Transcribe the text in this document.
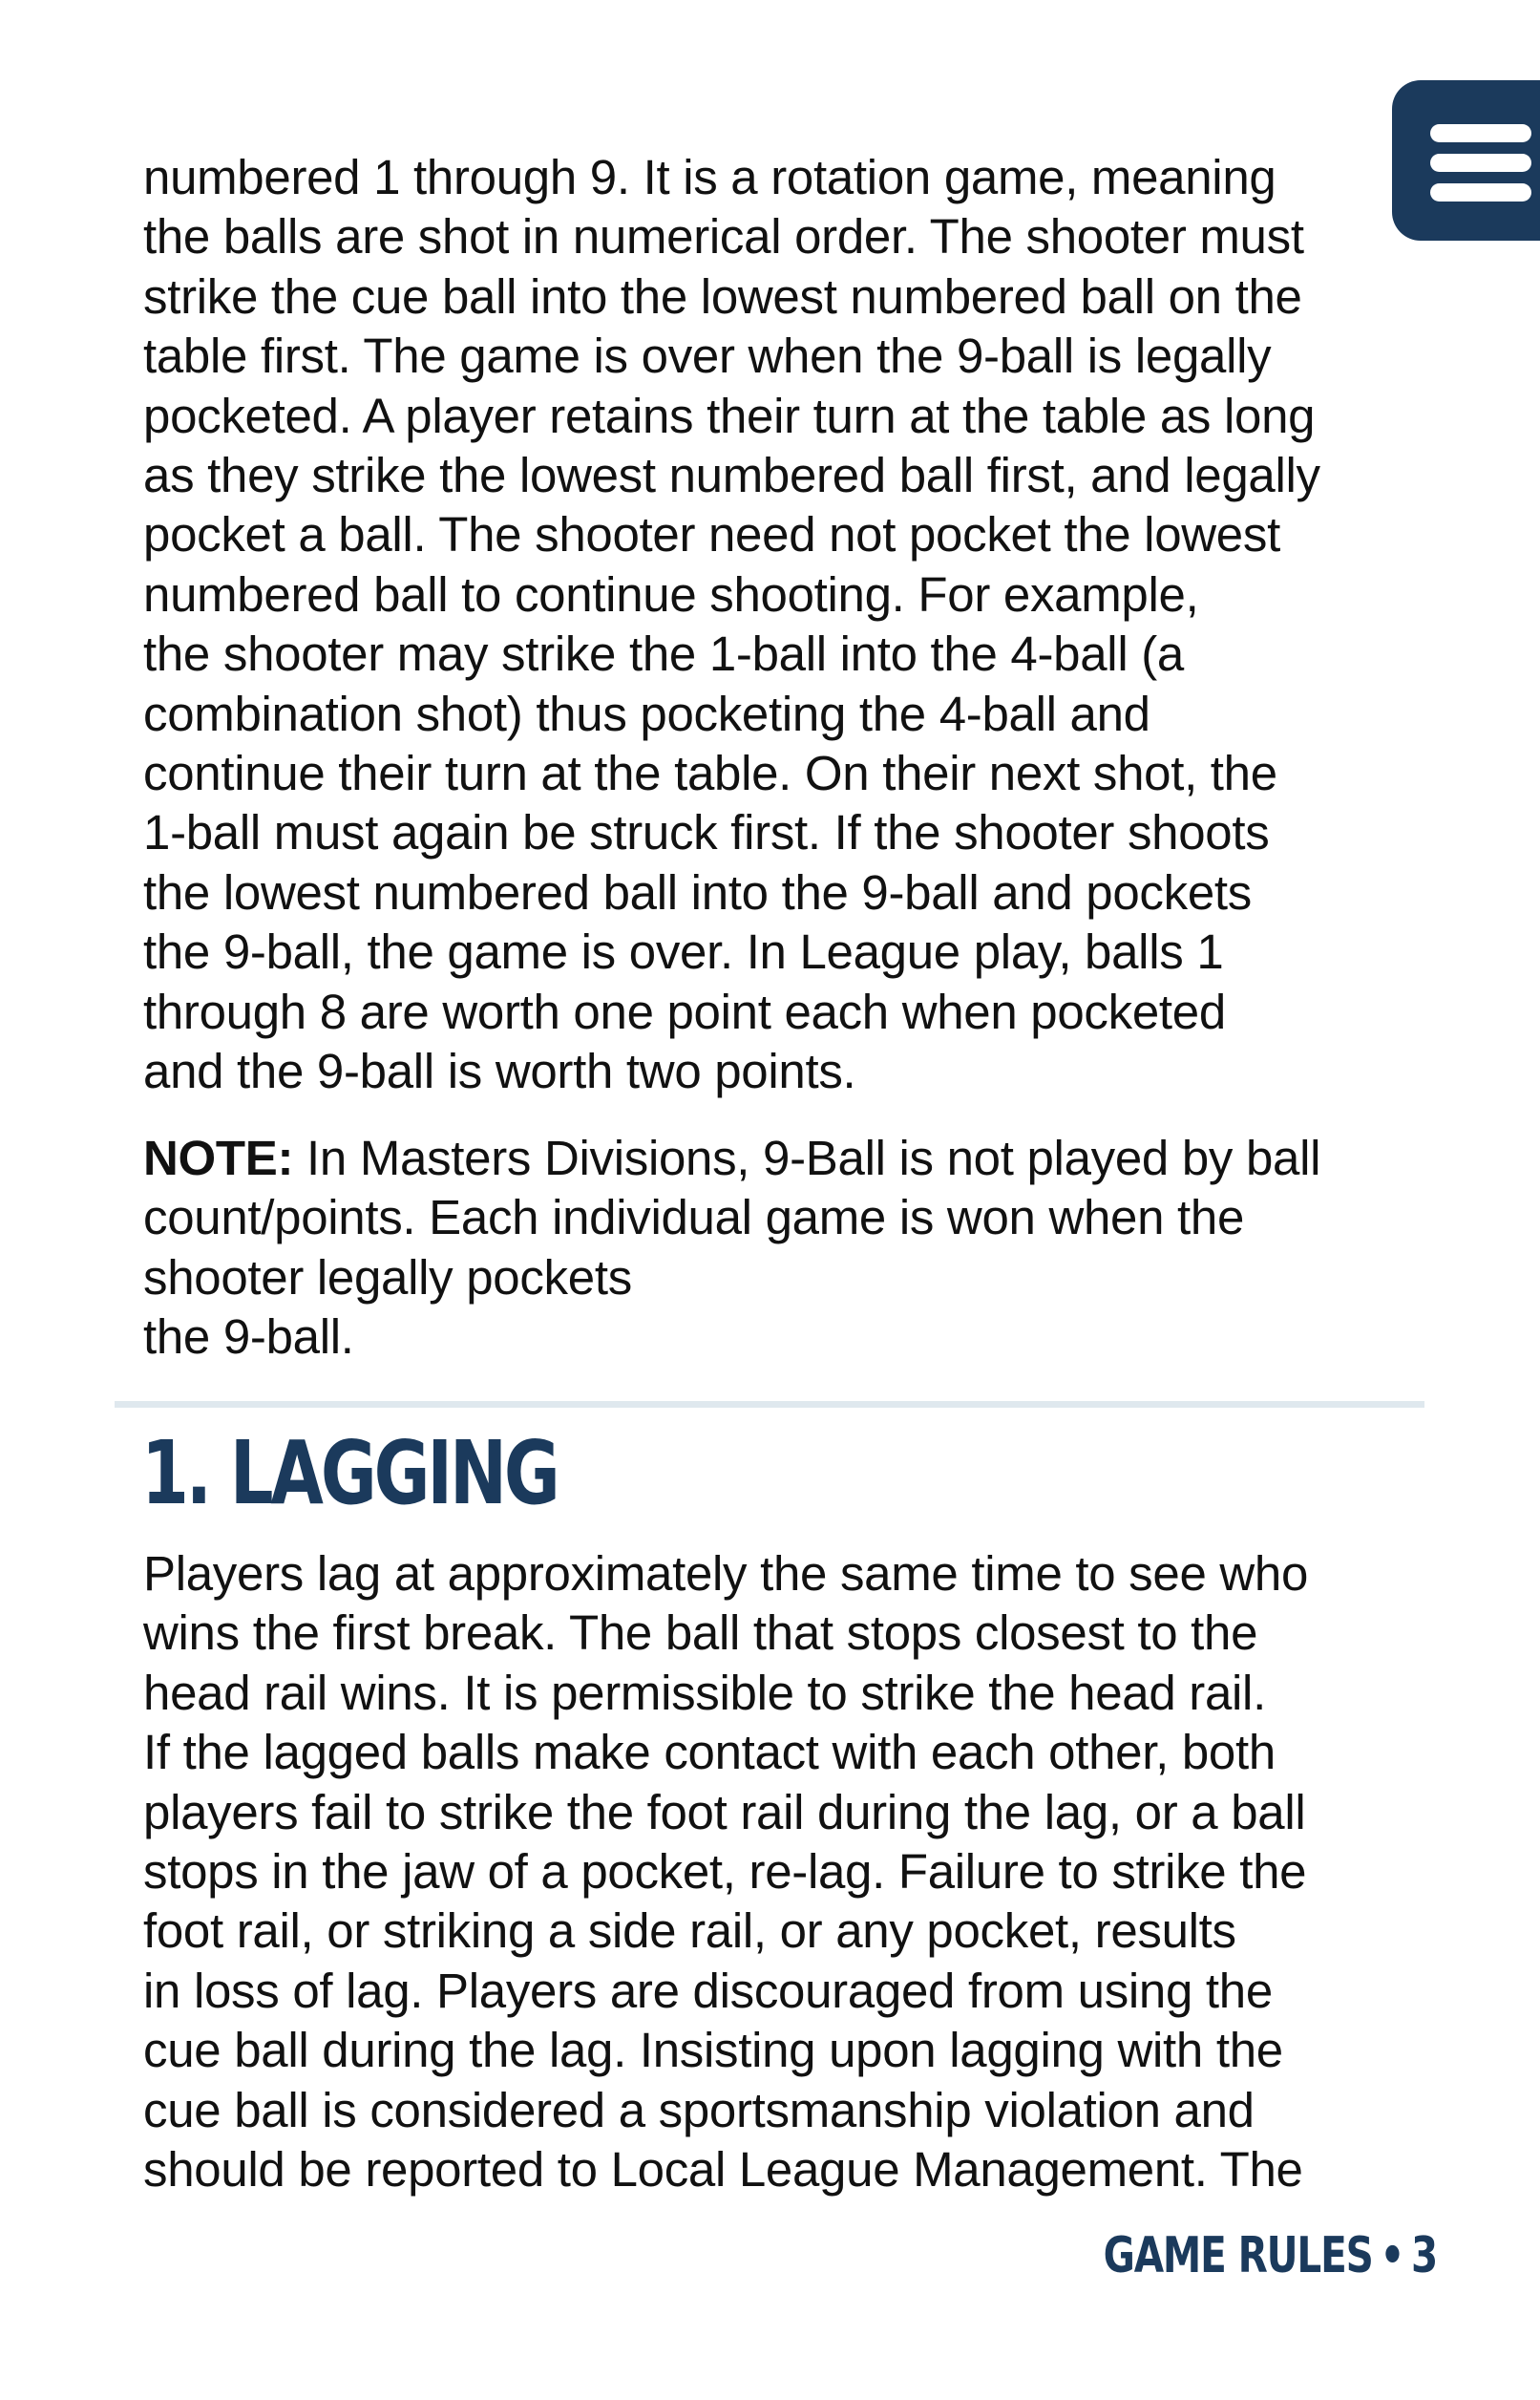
numbered 1 through 9. It is a rotation game, meaning
the balls are shot in numerical order. The shooter must
strike the cue ball into the lowest numbered ball on the
table first. The game is over when the 9-ball is legally
pocketed. A player retains their turn at the table as long
as they strike the lowest numbered ball first, and legally
pocket a ball. The shooter need not pocket the lowest
numbered ball to continue shooting. For example,
the shooter may strike the 1-ball into the 4-ball (a
combination shot) thus pocketing the 4-ball and
continue their turn at the table. On their next shot, the
1-ball must again be struck first. If the shooter shoots
the lowest numbered ball into the 9-ball and pockets
the 9-ball, the game is over. In League play, balls 1
through 8 are worth one point each when pocketed
and the 9-ball is worth two points.
NOTE: In Masters Divisions, 9-Ball is not played by ball
count/points. Each individual game is won when the
shooter legally pockets
the 9-ball.
1. LAGGING
Players lag at approximately the same time to see who
wins the first break. The ball that stops closest to the
head rail wins. It is permissible to strike the head rail.
If the lagged balls make contact with each other, both
players fail to strike the foot rail during the lag, or a ball
stops in the jaw of a pocket, re-lag. Failure to strike the
foot rail, or striking a side rail, or any pocket, results
in loss of lag. Players are discouraged from using the
cue ball during the lag. Insisting upon lagging with the
cue ball is considered a sportsmanship violation and
should be reported to Local League Management. The
GAME RULES • 3
